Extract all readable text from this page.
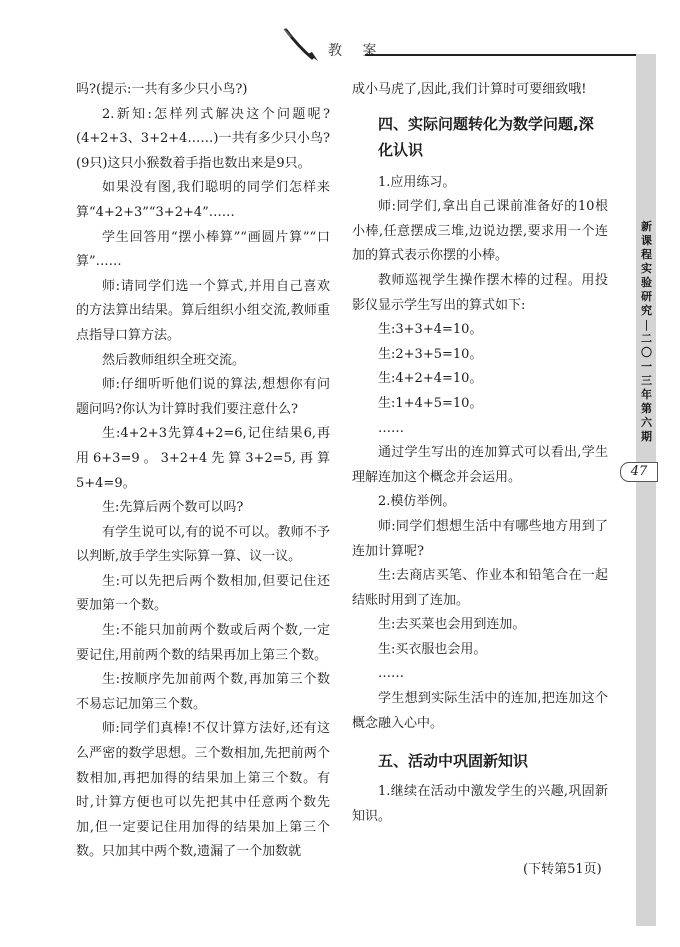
教 案

吗?(提示:一共有多少只小鸟?)

2.新知:怎样列式解决这个问题呢?(4+2+3、3+2+4……)一共有多少只小鸟?(9只)这只小猴数着手指也数出来是9只。

如果没有图,我们聪明的同学们怎样来算“4+2+3”“3+2+4”……

学生回答用“摆小棒算”“画圆片算”“口算”……

师:请同学们选一个算式,并用自己喜欢的方法算出结果。算后组织小组交流,教师重点指导口算方法。

然后教师组织全班交流。

师:仔细听听他们说的算法,想想你有问题问吗?你认为计算时我们要注意什么?

生:4+2+3先算4+2=6,记住结果6,再用6+3=9。3+2+4先算3+2=5,再算5+4=9。

生:先算后两个数可以吗?

有学生说可以,有的说不可以。教师不予以判断,放手学生实际算一算、议一议。

生:可以先把后两个数相加,但要记住还要加第一个数。

生:不能只加前两个数或后两个数,一定要记住,用前两个数的结果再加上第三个数。

生:按顺序先加前两个数,再加第三个数不易忘记加第三个数。

师:同学们真棒!不仅计算方法好,还有这么严密的数学思想。三个数相加,先把前两个数相加,再把加得的结果加上第三个数。有时,计算方便也可以先把其中任意两个数先加,但一定要记住用加得的结果加上第三个数。只加其中两个数,遗漏了一个加数就

成小马虎了,因此,我们计算时可要细致哦!

四、实际问题转化为数学问题,深化认识

1.应用练习。

师:同学们,拿出自己课前准备好的10根小棒,任意摆成三堆,边说边摆,要求用一个连加的算式表示你摆的小棒。

教师巡视学生操作摆木棒的过程。用投影仪显示学生写出的算式如下:

生:3+3+4=10。

生:2+3+5=10。

生:4+2+4=10。

生:1+4+5=10。

……

通过学生写出的连加算式可以看出,学生理解连加这个概念并会运用。

2.模仿举例。

师:同学们想想生活中有哪些地方用到了连加计算呢?

生:去商店买笔、作业本和铅笔合在一起结账时用到了连加。

生:去买菜也会用到连加。

生:买衣服也会用。

……

学生想到实际生活中的连加,把连加这个概念融入心中。

五、活动中巩固新知识

1.继续在活动中激发学生的兴趣,巩固新知识。

(下转第51页)
新课程实验研究
|
二〇一三年 第六期
47
